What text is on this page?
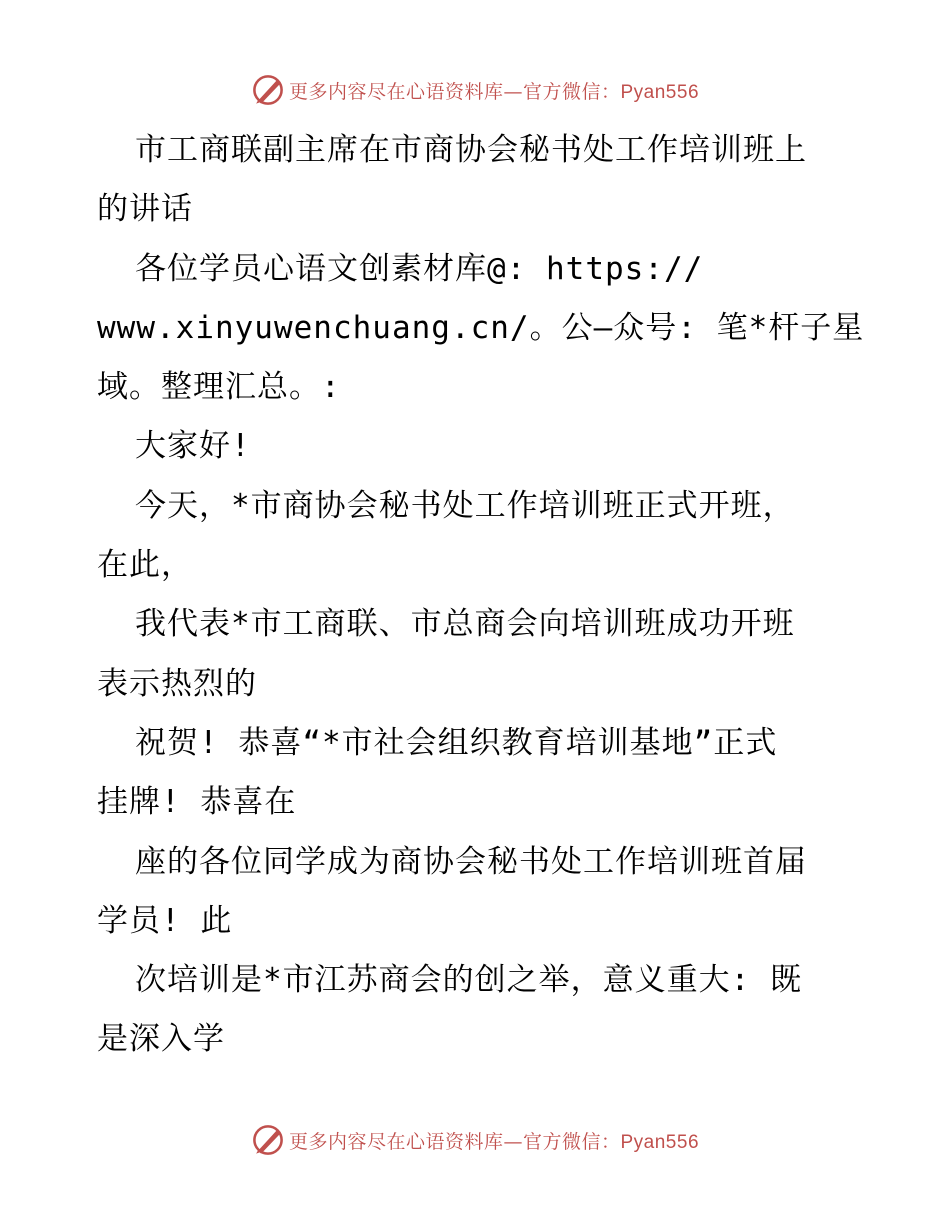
更多内容尽在心语资料库—官方微信：Pyan556
市工商联副主席在市商协会秘书处工作培训班上
的讲话
各位学员心语文创素材库@: https://
www.xinyuwenchuang.cn/。公—众号: 笔*杆子星
域。整理汇总。:
大家好!
今天，*市商协会秘书处工作培训班正式开班，
在此，
我代表*市工商联、市总商会向培训班成功开班
表示热烈的
祝贺! 恭喜“*市社会组织教育培训基地”正式
挂牌! 恭喜在
座的各位同学成为商协会秘书处工作培训班首届
学员! 此
次培训是*市江苏商会的创之举，意义重大: 既
是深入学
更多内容尽在心语资料库—官方微信：Pyan556
